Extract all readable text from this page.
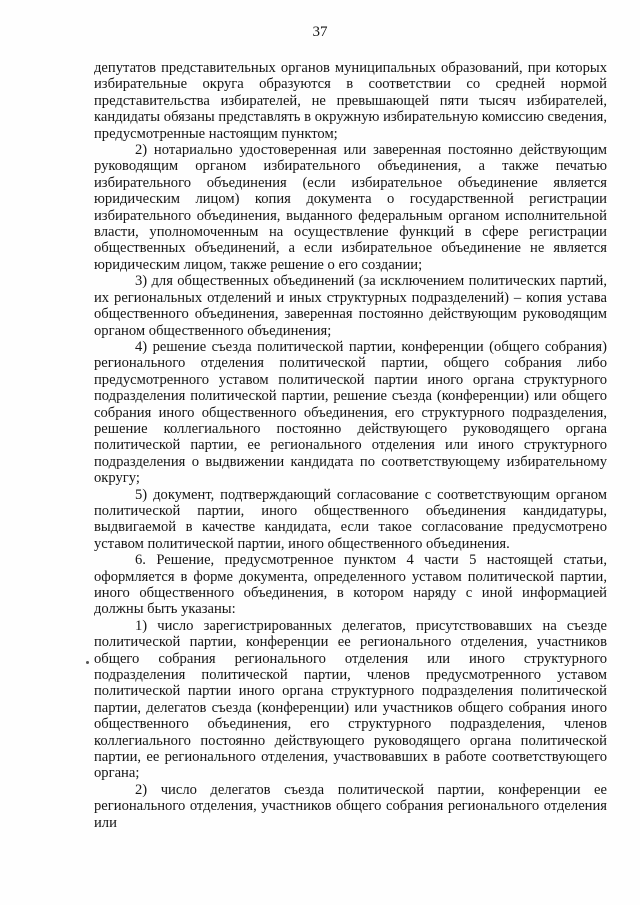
37

депутатов представительных органов муниципальных образований, при которых избирательные округа образуются в соответствии со средней нормой представительства избирателей, не превышающей пяти тысяч избирателей, кандидаты обязаны представлять в окружную избирательную комиссию сведения, предусмотренные настоящим пунктом;

2) нотариально удостоверенная или заверенная постоянно действующим руководящим органом избирательного объединения, а также печатью избирательного объединения (если избирательное объединение является юридическим лицом) копия документа о государственной регистрации избирательного объединения, выданного федеральным органом исполнительной власти, уполномоченным на осуществление функций в сфере регистрации общественных объединений, а если избирательное объединение не является юридическим лицом, также решение о его создании;

3) для общественных объединений (за исключением политических партий, их региональных отделений и иных структурных подразделений) – копия устава общественного объединения, заверенная постоянно действующим руководящим органом общественного объединения;

4) решение съезда политической партии, конференции (общего собрания) регионального отделения политической партии, общего собрания либо предусмотренного уставом политической партии иного органа структурного подразделения политической партии, решение съезда (конференции) или общего собрания иного общественного объединения, его структурного подразделения, решение коллегиального постоянно действующего руководящего органа политической партии, ее регионального отделения или иного структурного подразделения о выдвижении кандидата по соответствующему избирательному округу;

5) документ, подтверждающий согласование с соответствующим органом политической партии, иного общественного объединения кандидатуры, выдвигаемой в качестве кандидата, если такое согласование предусмотрено уставом политической партии, иного общественного объединения.

6. Решение, предусмотренное пунктом 4 части 5 настоящей статьи, оформляется в форме документа, определенного уставом политической партии, иного общественного объединения, в котором наряду с иной информацией должны быть указаны:

1) число зарегистрированных делегатов, присутствовавших на съезде политической партии, конференции ее регионального отделения, участников общего собрания регионального отделения или иного структурного подразделения политической партии, членов предусмотренного уставом политической партии иного органа структурного подразделения политической партии, делегатов съезда (конференции) или участников общего собрания иного общественного объединения, его структурного подразделения, членов коллегиального постоянно действующего руководящего органа политической партии, ее регионального отделения, участвовавших в работе соответствующего органа;

2) число делегатов съезда политической партии, конференции ее регионального отделения, участников общего собрания регионального отделения или
